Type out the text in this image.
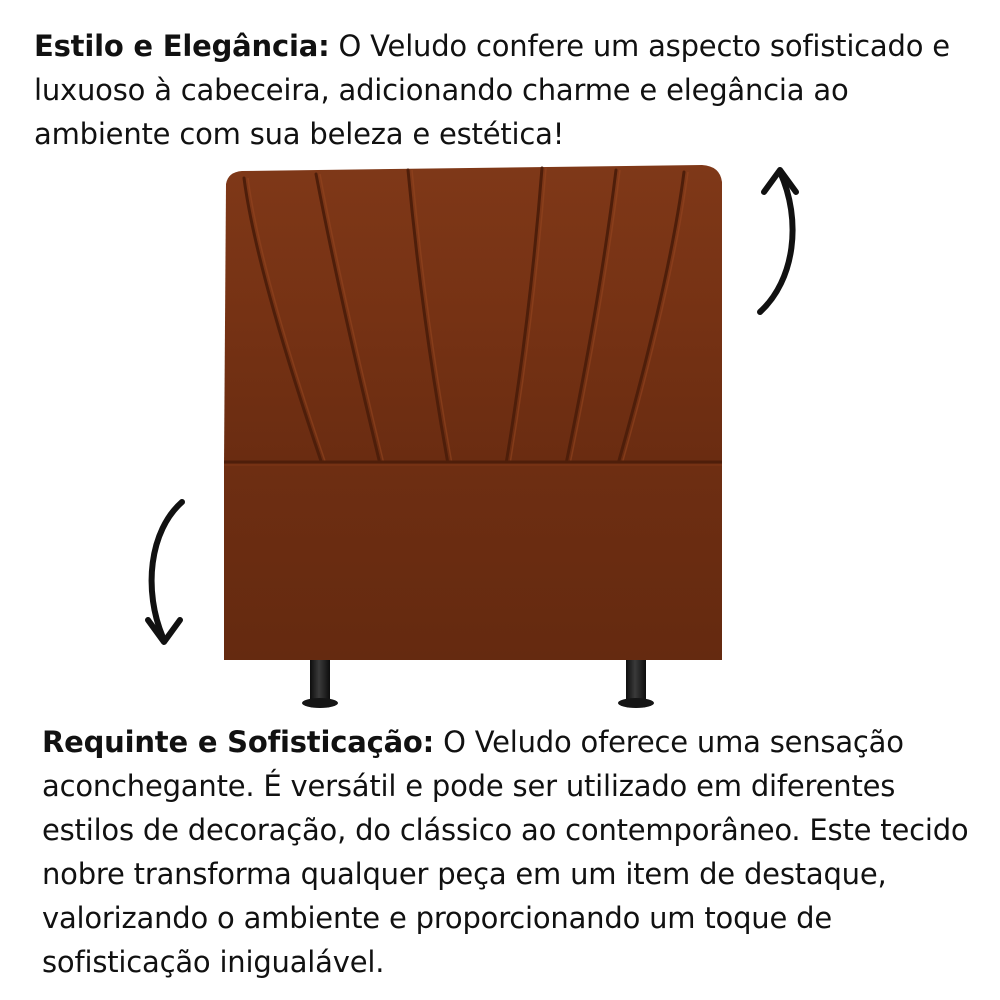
Estilo e Elegância: O Veludo confere um aspecto sofisticado e luxuoso à cabeceira, adicionando charme e elegância ao ambiente com sua beleza e estética!
Requinte e Sofisticação: O Veludo oferece uma sensação aconchegante. É versátil e pode ser utilizado em diferentes estilos de decoração, do clássico ao contemporâneo. Este tecido nobre transforma qualquer peça em um item de destaque, valorizando o ambiente e proporcionando um toque de sofisticação inigualável.
